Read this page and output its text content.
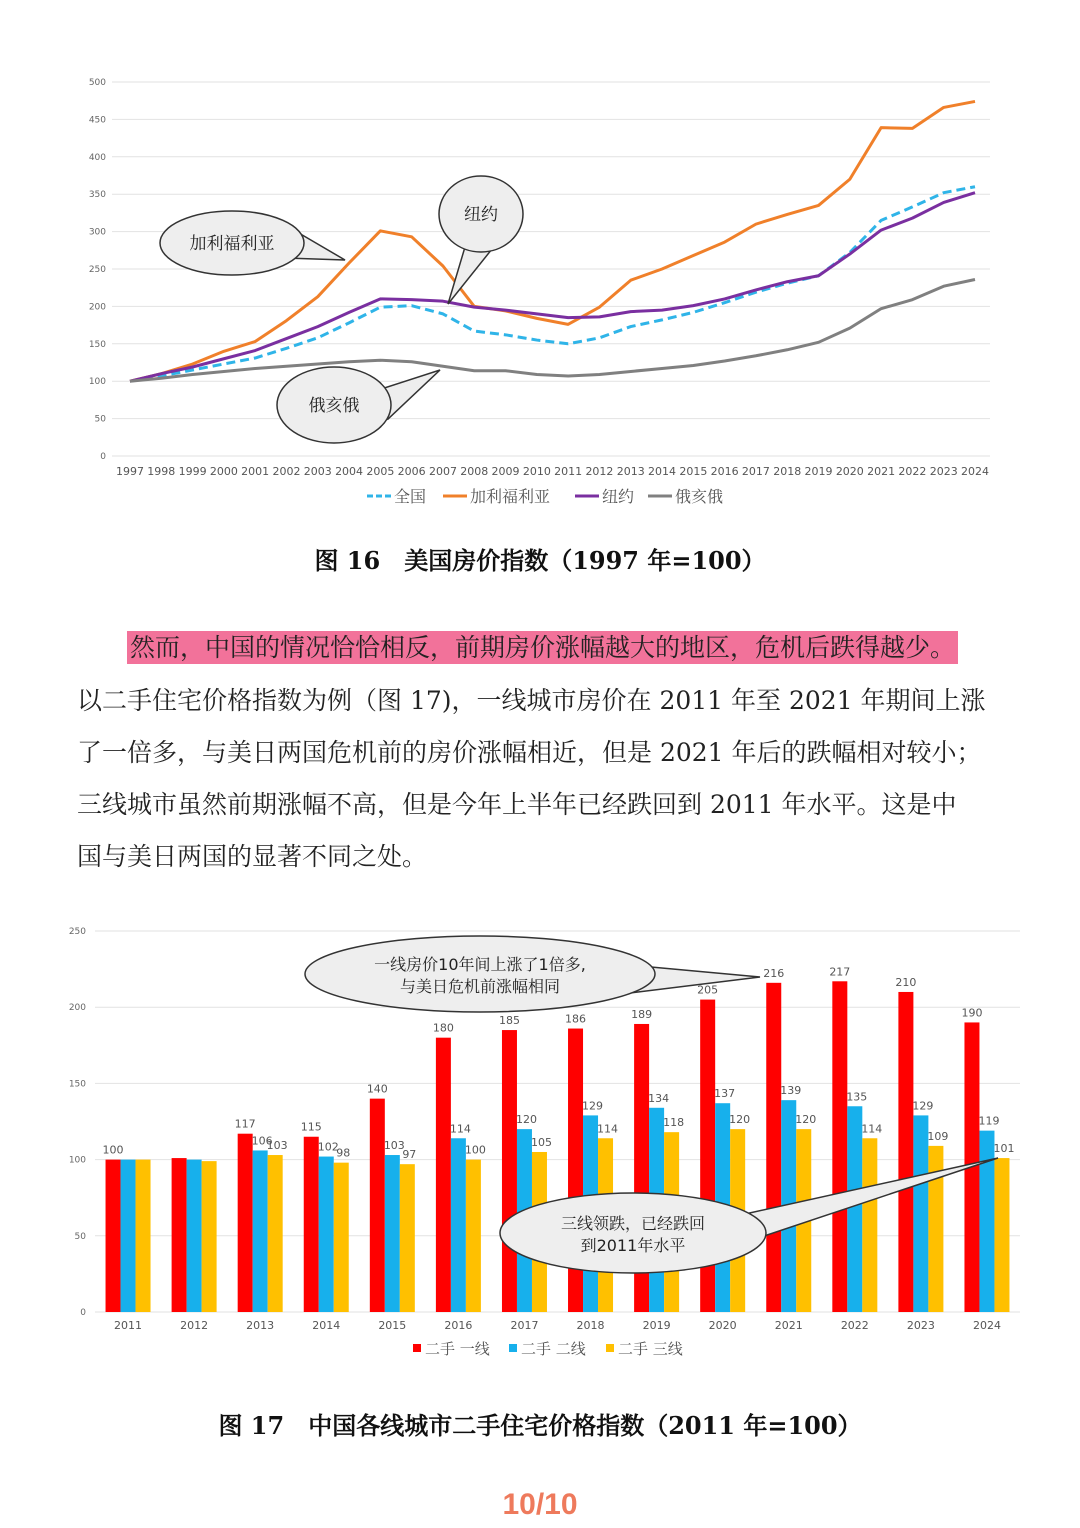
0
50
100
150
200
250
300
350
400
450
500
1997 1998 1999 2000 2001 2002 2003 2004 2005 2006 2007 2008 2009 2010 2011 2012 2013 2014 2015 2016 2017 2018 2019 2020 2021 2022 2023 2024
加利福利亚
纽约
俄亥俄
全国	加利福利亚	纽约	俄亥俄
图 16　美国房价指数（1997 年=100）
然而，中国的情况恰恰相反，前期房价涨幅越大的地区，危机后跌得越少。
以二手住宅价格指数为例（图 17)，一线城市房价在 2011 年至 2021 年期间上涨
了一倍多，与美日两国危机前的房价涨幅相近，但是 2021 年后的跌幅相对较小；
三线城市虽然前期涨幅不高，但是今年上半年已经跌回到 2011 年水平。这是中
国与美日两国的显著不同之处。
0
50
100
150
200
250
100
2011	2012
117
106
103
2013
115
102
98
2014
140
103
97
2015
180
114
100
2016
185
120
105
2017
186
129
114
2018
189
134
118
2019
205
137
120
2020
216
139
120
2021
217
135
114
2022
210
129
109
2023
190
119
101
2024
一线房价10年间上涨了1倍多,与美日危机前涨幅相同
三线领跌，已经跌回到2011年水平
二手 一线 二手 二线 二手 三线
图 17　中国各线城市二手住宅价格指数（2011 年=100）
10/10
